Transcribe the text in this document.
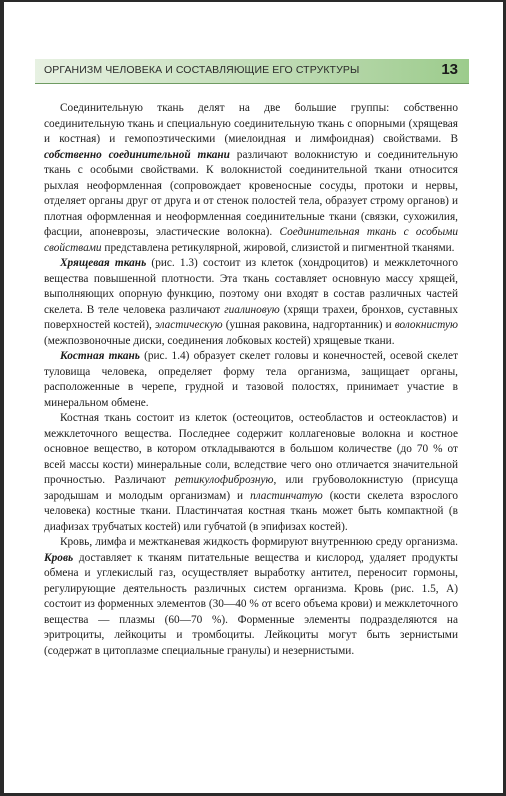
ОРГАНИЗМ ЧЕЛОВЕКА И СОСТАВЛЯЮЩИЕ ЕГО СТРУКТУРЫ	13

Соединительную ткань делят на две большие группы: собственно соединительную ткань и специальную соединительную ткань с опорными (хрящевая и костная) и гемопоэтическими (миелоидная и лимфоидная) свойствами. В собственно соединительной ткани различают волокнистую и соединительную ткань с особыми свойствами. К волокнистой соединительной ткани относится рыхлая неоформленная (сопровождает кровеносные сосуды, протоки и нервы, отделяет органы друг от друга и от стенок полостей тела, образует строму органов) и плотная оформленная и неоформленная соединительные ткани (связки, сухожилия, фасции, апоневрозы, эластические волокна). Соединительная ткань с особыми свойствами представлена ретикулярной, жировой, слизистой и пигментной тканями.

Хрящевая ткань (рис. 1.3) состоит из клеток (хондроцитов) и межклеточного вещества повышенной плотности. Эта ткань составляет основную массу хрящей, выполняющих опорную функцию, поэтому они входят в состав различных частей скелета. В теле человека различают гиалиновую (хрящи трахеи, бронхов, суставных поверхностей костей), эластическую (ушная раковина, надгортанник) и волокнистую (межпозвоночные диски, соединения лобковых костей) хрящевые ткани.

Костная ткань (рис. 1.4) образует скелет головы и конечностей, осевой скелет туловища человека, определяет форму тела организма, защищает органы, расположенные в черепе, грудной и тазовой полостях, принимает участие в минеральном обмене.

Костная ткань состоит из клеток (остеоцитов, остеобластов и остеокластов) и межклеточного вещества. Последнее содержит коллагеновые волокна и костное основное вещество, в котором откладываются в большом количестве (до 70 % от всей массы кости) минеральные соли, вследствие чего оно отличается значительной прочностью. Различают ретикулофиброзную, или грубоволокнистую (присуща зародышам и молодым организмам) и пластинчатую (кости скелета взрослого человека) костные ткани. Пластинчатая костная ткань может быть компактной (в диафизах трубчатых костей) или губчатой (в эпифизах костей).

Кровь, лимфа и межтканевая жидкость формируют внутреннюю среду организма. Кровь доставляет к тканям питательные вещества и кислород, удаляет продукты обмена и углекислый газ, осуществляет выработку антител, переносит гормоны, регулирующие деятельность различных систем организма. Кровь (рис. 1.5, А) состоит из форменных элементов (30—40 % от всего объема крови) и межклеточного вещества — плазмы (60—70 %). Форменные элементы подразделяются на эритроциты, лейкоциты и тромбоциты. Лейкоциты могут быть зернистыми (содержат в цитоплазме специальные гранулы) и незернистыми.
